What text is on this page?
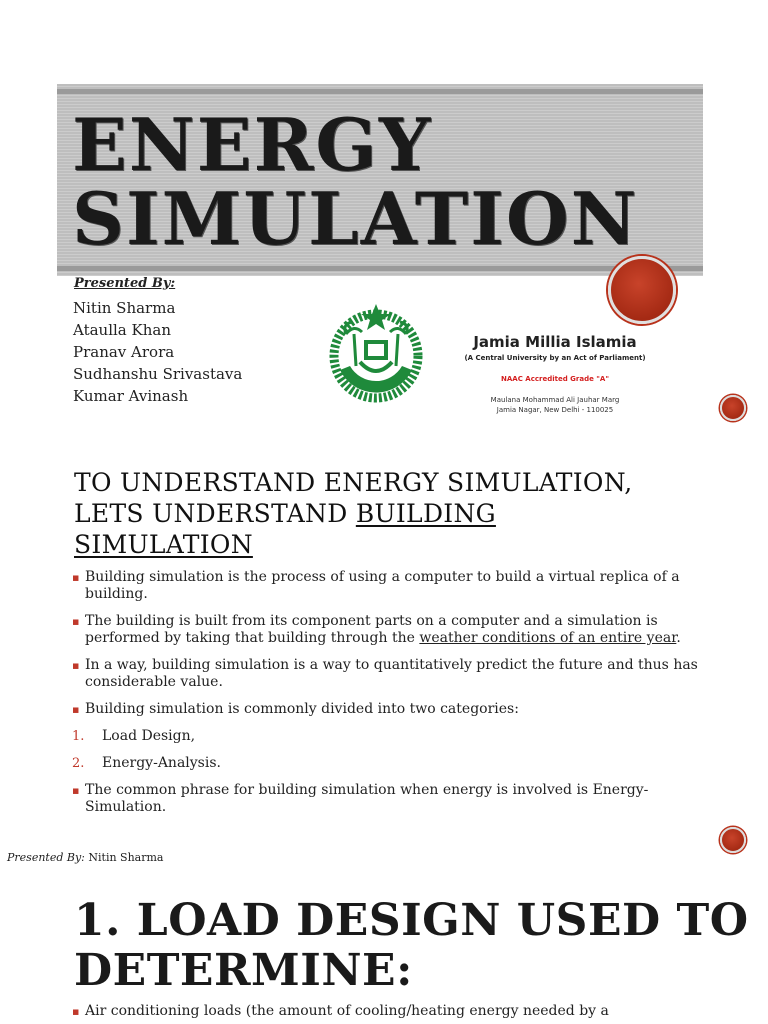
ENERGY
SIMULATION
Presented By:
Nitin Sharma
Ataulla Khan
Pranav Arora
Sudhanshu Srivastava
Kumar Avinash
Jamia Millia Islamia
(A Central University by an Act of Parliament)
NAAC Accredited Grade "A"
Maulana Mohammad Ali Jauhar Marg
Jamia Nagar, New Delhi - 110025
TO UNDERSTAND ENERGY SIMULATION,
LETS UNDERSTAND BUILDING
SIMULATION
▪ Building simulation is the process of using a computer to build a virtual replica of a building.
▪ The building is built from its component parts on a computer and a simulation is performed by taking that building through the weather conditions of an entire year.
▪ In a way, building simulation is a way to quantitatively predict the future and thus has considerable value.
▪ Building simulation is commonly divided into two categories:
1. Load Design,
2. Energy-Analysis.
▪ The common phrase for building simulation when energy is involved is Energy-Simulation.
Presented By: Nitin Sharma
1. LOAD DESIGN USED TO
DETERMINE:
▪ Air conditioning loads (the amount of cooling/heating energy needed by a
